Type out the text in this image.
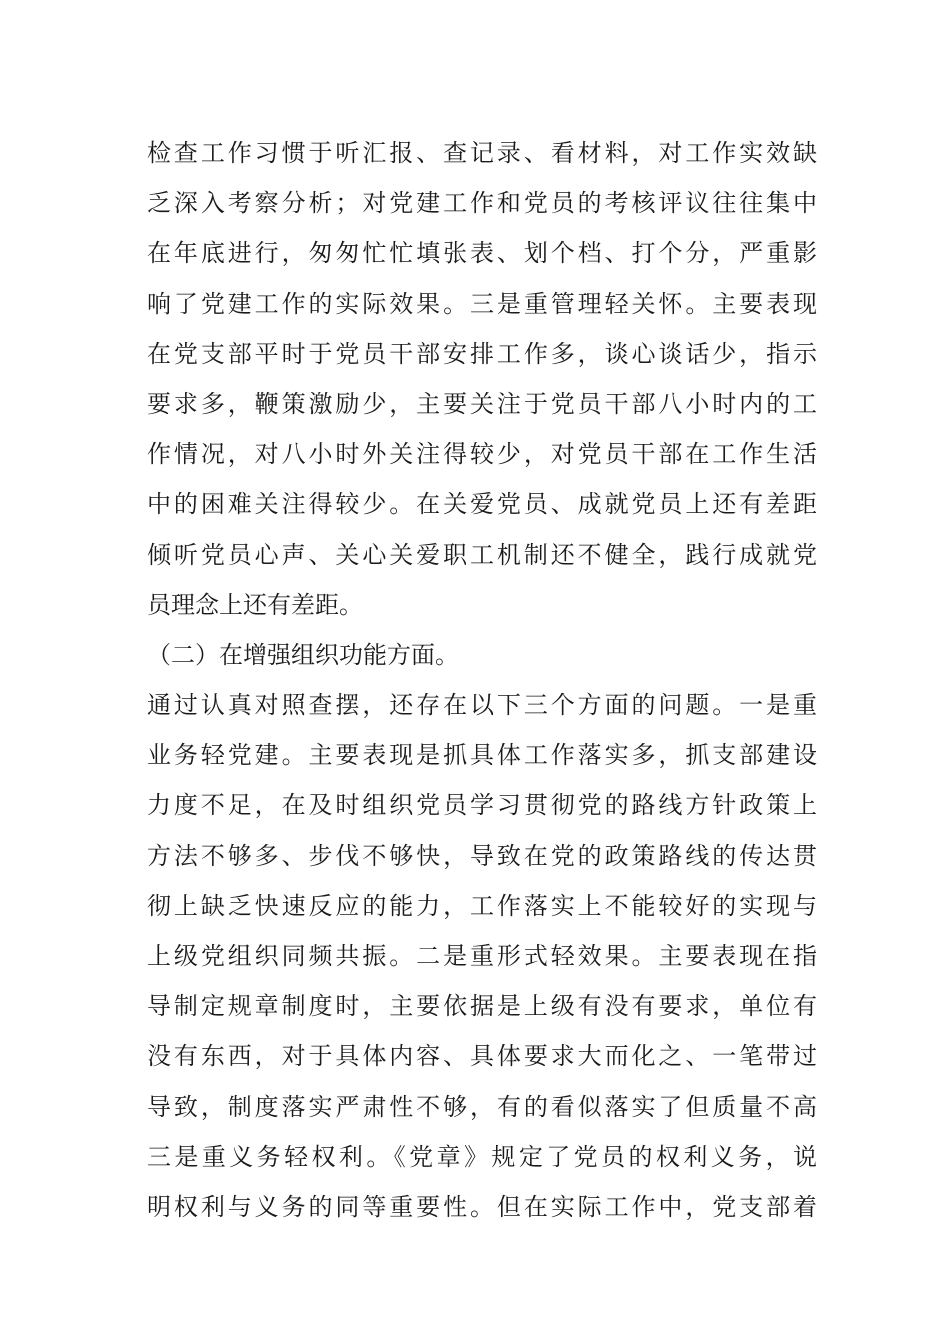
检查工作习惯于听汇报、查记录、看材料，对工作实效缺
乏深入考察分析；对党建工作和党员的考核评议往往集中
在年底进行，匆匆忙忙填张表、划个档、打个分，严重影
响了党建工作的实际效果。三是重管理轻关怀。主要表现
在党支部平时于党员干部安排工作多，谈心谈话少，指示
要求多，鞭策激励少，主要关注于党员干部八小时内的工
作情况，对八小时外关注得较少，对党员干部在工作生活
中的困难关注得较少。在关爱党员、成就党员上还有差距
倾听党员心声、关心关爱职工机制还不健全，践行成就党
员理念上还有差距。
（二）在增强组织功能方面。
通过认真对照查摆，还存在以下三个方面的问题。一是重
业务轻党建。主要表现是抓具体工作落实多，抓支部建设
力度不足，在及时组织党员学习贯彻党的路线方针政策上
方法不够多、步伐不够快，导致在党的政策路线的传达贯
彻上缺乏快速反应的能力，工作落实上不能较好的实现与
上级党组织同频共振。二是重形式轻效果。主要表现在指
导制定规章制度时，主要依据是上级有没有要求，单位有
没有东西，对于具体内容、具体要求大而化之、一笔带过
导致，制度落实严肃性不够，有的看似落实了但质量不高
三是重义务轻权利。《党章》规定了党员的权利义务，说
明权利与义务的同等重要性。但在实际工作中，党支部着
